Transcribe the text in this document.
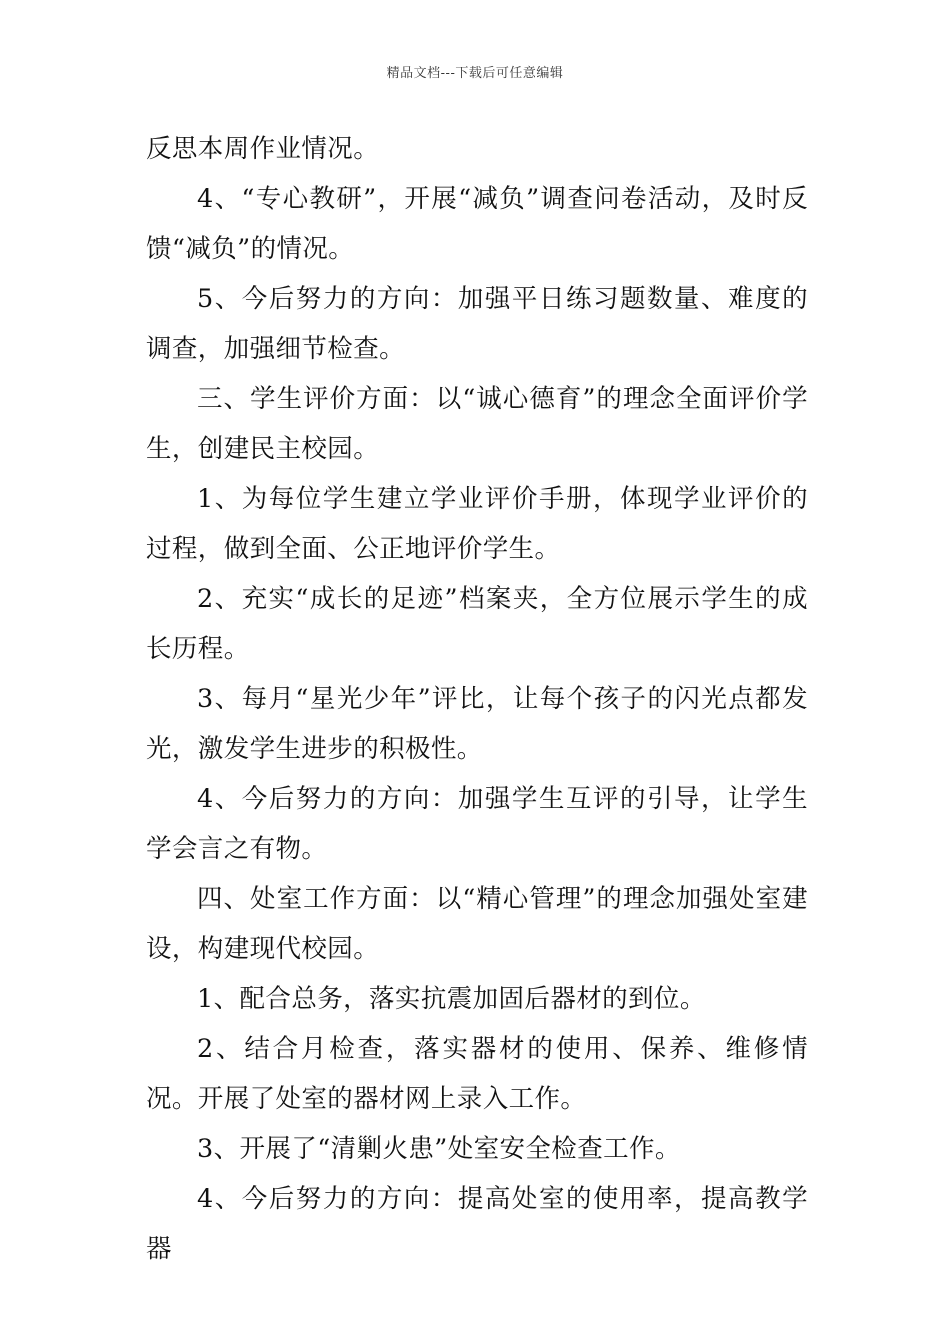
精品文档---下载后可任意编辑

反思本周作业情况。

4、“专心教研”，开展“减负”调查问卷活动，及时反馈“减负”的情况。

5、今后努力的方向：加强平日练习题数量、难度的调查，加强细节检查。

三、学生评价方面：以“诚心德育”的理念全面评价学生，创建民主校园。

1、为每位学生建立学业评价手册，体现学业评价的过程，做到全面、公正地评价学生。

2、充实“成长的足迹”档案夹，全方位展示学生的成长历程。

3、每月“星光少年”评比，让每个孩子的闪光点都发光，激发学生进步的积极性。

4、今后努力的方向：加强学生互评的引导，让学生学会言之有物。

四、处室工作方面：以“精心管理”的理念加强处室建设，构建现代校园。

1、配合总务，落实抗震加固后器材的到位。

2、结合月检查，落实器材的使用、保养、维修情况。开展了处室的器材网上录入工作。

3、开展了“清剿火患”处室安全检查工作。

4、今后努力的方向：提高处室的使用率，提高教学器
